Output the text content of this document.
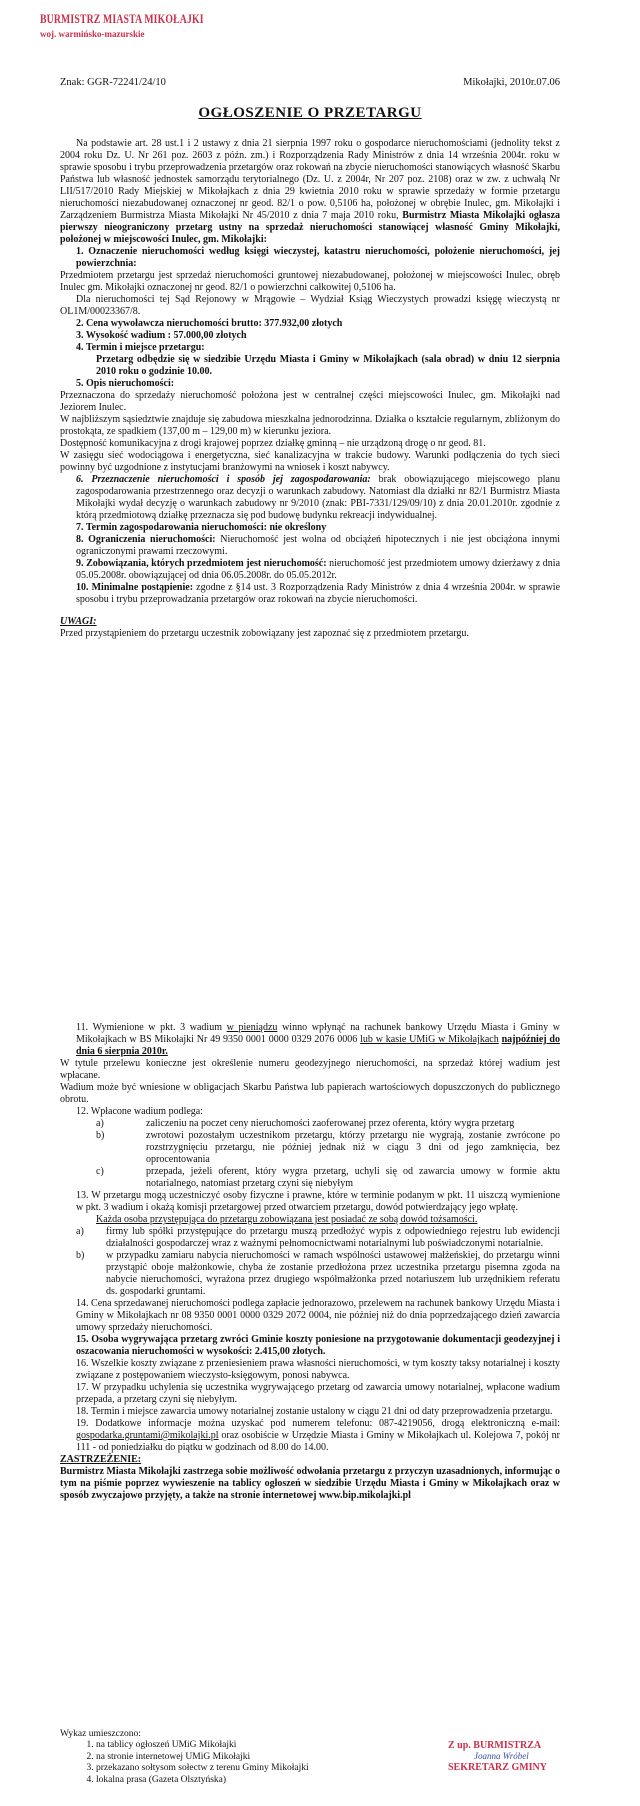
BURMISTRZ MIASTA MIKOŁAJKI
woj. warmińsko-mazurskie
Znak: GGR-72241/24/10	Mikołajki, 2010r.07.06
OGŁOSZENIE O PRZETARGU

Na podstawie art. 28 ust.1 i 2 ustawy z dnia 21 sierpnia 1997 roku o gospodarce nieruchomościami (jednolity tekst z 2004 roku Dz. U. Nr 261 poz. 2603 z późn. zm.) i Rozporządzenia Rady Ministrów z dnia 14 września 2004r. roku w sprawie sposobu i trybu przeprowadzenia przetargów oraz rokowań na zbycie nieruchomości stanowiących własność Skarbu Państwa lub własność jednostek samorządu terytorialnego (Dz. U. z 2004r, Nr 207 poz. 2108) oraz w zw. z uchwałą Nr LII/517/2010 Rady Miejskiej w Mikołajkach z dnia 29 kwietnia 2010 roku w sprawie sprzedaży w formie przetargu nieruchomości niezabudowanej oznaczonej nr geod. 82/1 o pow. 0,5106 ha, położonej w obrębie Inulec, gm. Mikołajki i Zarządzeniem Burmistrza Miasta Mikołajki Nr 45/2010 z dnia 7 maja 2010 roku, Burmistrz Miasta Mikołajki ogłasza pierwszy nieograniczony przetarg ustny na sprzedaż nieruchomości stanowiącej własność Gminy Mikołajki, położonej w miejscowości Inulec, gm. Mikołajki:

1. Oznaczenie nieruchomości według księgi wieczystej, katastru nieruchomości, położenie nieruchomości, jej powierzchnia:

Przedmiotem przetargu jest sprzedaż nieruchomości gruntowej niezabudowanej, położonej w miejscowości Inulec, obręb Inulec gm. Mikołajki oznaczonej nr geod. 82/1 o powierzchni całkowitej 0,5106 ha.

Dla nieruchomości tej Sąd Rejonowy w Mrągowie – Wydział Ksiąg Wieczystych prowadzi księgę wieczystą nr OL1M/00023367/8.

2. Cena wywoławcza nieruchomości brutto: 377.932,00 złotych

3. Wysokość wadium : 57.000,00 złotych

4. Termin i miejsce przetargu:

Przetarg odbędzie się w siedzibie Urzędu Miasta i Gminy w Mikołajkach (sala obrad) w dniu 12 sierpnia 2010 roku o godzinie 10.00.

5. Opis nieruchomości:

Przeznaczona do sprzedaży nieruchomość położona jest w centralnej części miejscowości Inulec, gm. Mikołajki nad Jeziorem Inulec.

W najbliższym sąsiedztwie znajduje się zabudowa mieszkalna jednorodzinna. Działka o kształcie regularnym, zbliżonym do prostokąta, ze spadkiem (137,00 m – 129,00 m) w kierunku jeziora.

Dostępność komunikacyjna z drogi krajowej poprzez działkę gminną – nie urządzoną drogę o nr geod. 81.

W zasięgu sieć wodociągowa i energetyczna, sieć kanalizacyjna w trakcie budowy. Warunki podłączenia do tych sieci powinny być uzgodnione z instytucjami branżowymi na wniosek i koszt nabywcy.

6. Przeznaczenie nieruchomości i sposób jej zagospodarowania: brak obowiązującego miejscowego planu zagospodarowania przestrzennego oraz decyzji o warunkach zabudowy. Natomiast dla działki nr 82/1 Burmistrz Miasta Mikołajki wydał decyzję o warunkach zabudowy nr 9/2010 (znak: PBI-7331/129/09/10) z dnia 20.01.2010r. zgodnie z którą przedmiotową działkę przeznacza się pod budowę budynku rekreacji indywidualnej.

7. Termin zagospodarowania nieruchomości: nie określony

8. Ograniczenia nieruchomości: Nieruchomość jest wolna od obciążeń hipotecznych i nie jest obciążona innymi ograniczonymi prawami rzeczowymi.

9. Zobowiązania, których przedmiotem jest nieruchomość: nieruchomość jest przedmiotem umowy dzierżawy z dnia 05.05.2008r. obowiązującej od dnia 06.05.2008r. do 05.05.2012r.

10. Minimalne postąpienie: zgodne z §14 ust. 3 Rozporządzenia Rady Ministrów z dnia 4 września 2004r. w sprawie sposobu i trybu przeprowadzania przetargów oraz rokowań na zbycie nieruchomości.

UWAGI:

Przed przystąpieniem do przetargu uczestnik zobowiązany jest zapoznać się z przedmiotem przetargu.

11. Wymienione w pkt. 3 wadium w pieniądzu winno wpłynąć na rachunek bankowy Urzędu Miasta i Gminy w Mikołajkach w BS Mikołajki Nr 49 9350 0001 0000 0329 2076 0006 lub w kasie UMiG w Mikołajkach najpóźniej do dnia 6 sierpnia 2010r.

W tytule przelewu konieczne jest określenie numeru geodezyjnego nieruchomości, na sprzedaż której wadium jest wpłacane.

Wadium może być wniesione w obligacjach Skarbu Państwa lub papierach wartościowych dopuszczonych do publicznego obrotu.

12. Wpłacone wadium podlega:

a)	zaliczeniu na poczet ceny nieruchomości zaoferowanej przez oferenta, który wygra przetarg
b)	zwrotowi pozostałym uczestnikom przetargu, którzy przetargu nie wygrają, zostanie zwrócone po rozstrzygnięciu przetargu, nie później jednak niż w ciągu 3 dni od jego zamknięcia, bez oprocentowania
c)	przepada, jeżeli oferent, który wygra przetarg, uchyli się od zawarcia umowy w formie aktu notarialnego, natomiast przetarg czyni się niebyłym

13. W przetargu mogą uczestniczyć osoby fizyczne i prawne, które w terminie podanym w pkt. 11 uiszczą wymienione w pkt. 3 wadium i okażą komisji przetargowej przed otwarciem przetargu, dowód potwierdzający jego wpłatę.

Każda osoba przystępująca do przetargu zobowiązana jest posiadać ze sobą dowód tożsamości.

a)	firmy lub spółki przystępujące do przetargu muszą przedłożyć wypis z odpowiedniego rejestru lub ewidencji działalności gospodarczej wraz z ważnymi pełnomocnictwami notarialnymi lub poświadczonymi notarialnie.
b)	w przypadku zamiaru nabycia nieruchomości w ramach wspólności ustawowej małżeńskiej, do przetargu winni przystąpić oboje małżonkowie, chyba że zostanie przedłożona przez uczestnika przetargu pisemna zgoda na nabycie nieruchomości, wyrażona przez drugiego współmałżonka przed notariuszem lub urzędnikiem referatu ds. gospodarki gruntami.

14. Cena sprzedawanej nieruchomości podlega zapłacie jednorazowo, przelewem na rachunek bankowy Urzędu Miasta i Gminy w Mikołajkach nr 08 9350 0001 0000 0329 2072 0004, nie później niż do dnia poprzedzającego dzień zawarcia umowy sprzedaży nieruchomości.

15. Osoba wygrywająca przetarg zwróci Gminie koszty poniesione na przygotowanie dokumentacji geodezyjnej i oszacowania nieruchomości w wysokości: 2.415,00 złotych.

16. Wszelkie koszty związane z przeniesieniem prawa własności nieruchomości, w tym koszty taksy notarialnej i koszty związane z postępowaniem wieczysto-księgowym, ponosi nabywca.

17. W przypadku uchylenia się uczestnika wygrywającego przetarg od zawarcia umowy notarialnej, wpłacone wadium przepada, a przetarg czyni się niebyłym.

18. Termin i miejsce zawarcia umowy notarialnej zostanie ustalony w ciągu 21 dni od daty przeprowadzenia przetargu.

19. Dodatkowe informacje można uzyskać pod numerem telefonu: 087-4219056, drogą elektroniczną e-mail: gospodarka.gruntami@mikolajki.pl oraz osobiście w Urzędzie Miasta i Gminy w Mikołajkach ul. Kolejowa 7, pokój nr 111 - od poniedziałku do piątku w godzinach od 8.00 do 14.00.

ZASTRZEŻENIE:

Burmistrz Miasta Mikołajki zastrzega sobie możliwość odwołania przetargu z przyczyn uzasadnionych, informując o tym na piśmie poprzez wywieszenie na tablicy ogłoszeń w siedzibie Urzędu Miasta i Gminy w Mikołajkach oraz w sposób zwyczajowo przyjęty, a także na stronie internetowej www.bip.mikolajki.pl

Wykaz umieszczono:
1. na tablicy ogłoszeń UMiG Mikołajki
2. na stronie internetowej UMiG Mikołajki
3. przekazano sołtysom sołectw z terenu Gminy Mikołajki
4. lokalna prasa (Gazeta Olsztyńska)
Z up. BURMISTRZA
Joanna Wróbel
SEKRETARZ GMINY
